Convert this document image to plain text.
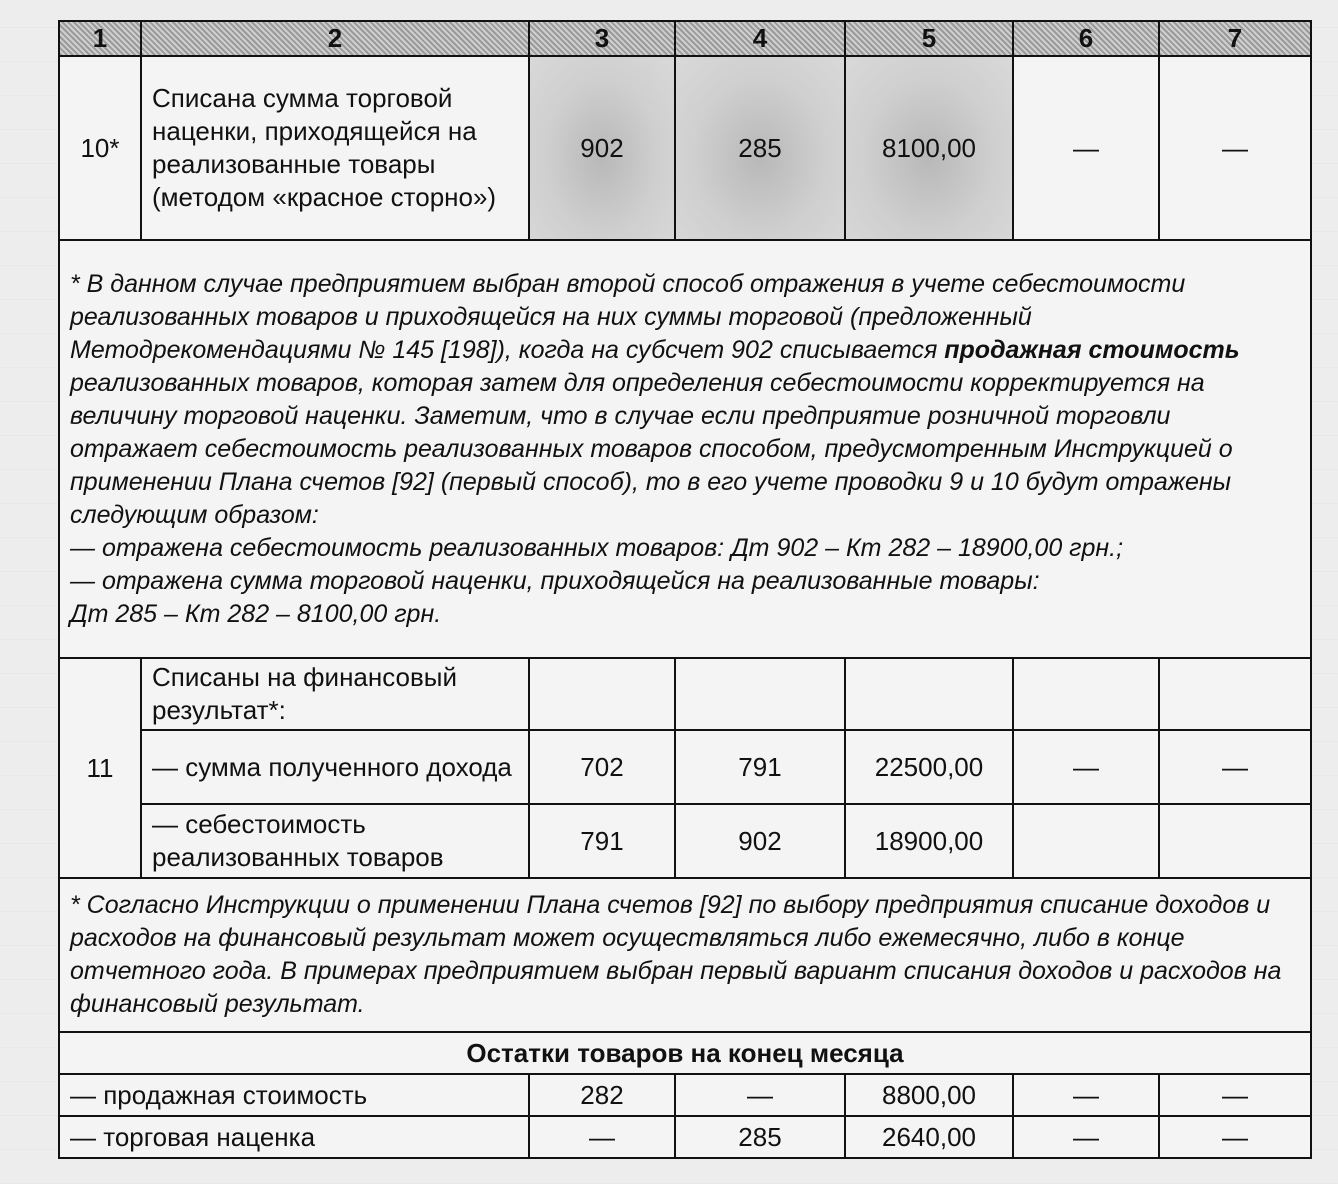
1	2	3	4	5	6	7
10*	Списана сумма торговой наценки, приходящейся на реализованные товары (методом «красное сторно»)	902	285	8100,00	—	—
* В данном случае предприятием выбран второй способ отражения в учете себестоимости реализованных товаров и приходящейся на них суммы торговой (предложенный Методрекомендациями № 145 [198]), когда на субсчет 902 списывается продажная стоимость реализованных товаров, которая затем для определения себестоимости корректируется на величину торговой наценки. Заметим, что в случае если предприятие розничной торговли отражает себестоимость реализованных товаров способом, предусмотренным Инструкцией о применении Плана счетов [92] (первый способ), то в его учете проводки 9 и 10 будут отражены следующим образом:
— отражена себестоимость реализованных товаров: Дт 902 – Кт 282 – 18900,00 грн.;
— отражена сумма торговой наценки, приходящейся на реализованные товары:
Дт 285 – Кт 282 – 8100,00 грн.						
11	Списаны на финансовый результат*:					
	— сумма полученного дохода	702	791	22500,00	—	—
	— себестоимость реализованных товаров	791	902	18900,00		
* Согласно Инструкции о применении Плана счетов [92] по выбору предприятия списание доходов и расходов на финансовый результат может осуществляться либо ежемесячно, либо в конце отчетного года. В примерах предприятием выбран первый вариант списания доходов и расходов на финансовый результат.						
Остатки товаров на конец месяца						
— продажная стоимость		282	—	8800,00	—	—
— торговая наценка		—	285	2640,00	—	—
